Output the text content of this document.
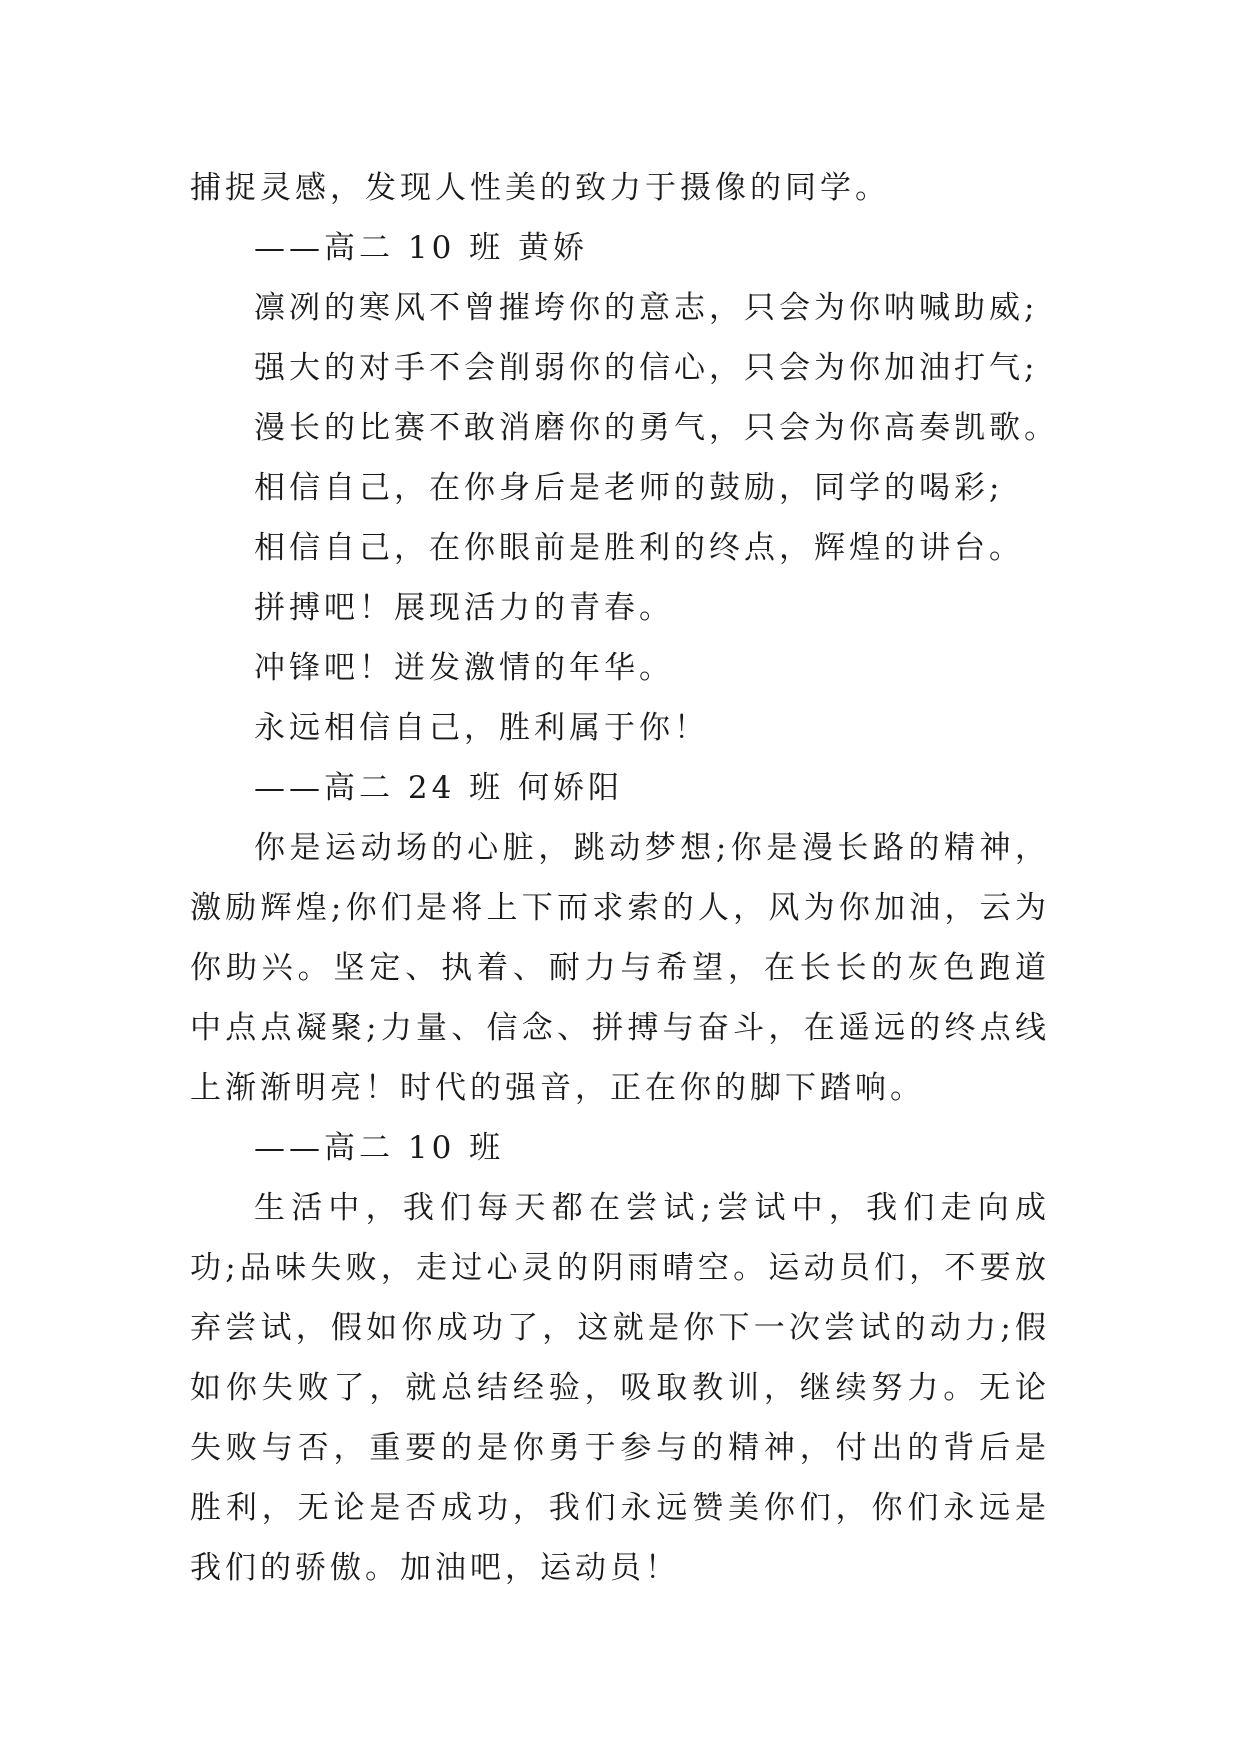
捕捉灵感，发现人性美的致力于摄像的同学。

——高二 10 班 黄娇

凛冽的寒风不曾摧垮你的意志，只会为你呐喊助威;

强大的对手不会削弱你的信心，只会为你加油打气;

漫长的比赛不敢消磨你的勇气，只会为你高奏凯歌。

相信自己，在你身后是老师的鼓励，同学的喝彩;

相信自己，在你眼前是胜利的终点，辉煌的讲台。

拼搏吧！展现活力的青春。

冲锋吧！迸发激情的年华。

永远相信自己，胜利属于你！

——高二 24 班 何娇阳

你是运动场的心脏，跳动梦想;你是漫长路的精神，激励辉煌;你们是将上下而求索的人，风为你加油，云为你助兴。坚定、执着、耐力与希望，在长长的灰色跑道中点点凝聚;力量、信念、拼搏与奋斗，在遥远的终点线上渐渐明亮！时代的强音，正在你的脚下踏响。

——高二 10 班

生活中，我们每天都在尝试;尝试中，我们走向成功;品味失败，走过心灵的阴雨晴空。运动员们，不要放弃尝试，假如你成功了，这就是你下一次尝试的动力;假如你失败了，就总结经验，吸取教训，继续努力。无论失败与否，重要的是你勇于参与的精神，付出的背后是胜利，无论是否成功，我们永远赞美你们，你们永远是我们的骄傲。加油吧，运动员！
